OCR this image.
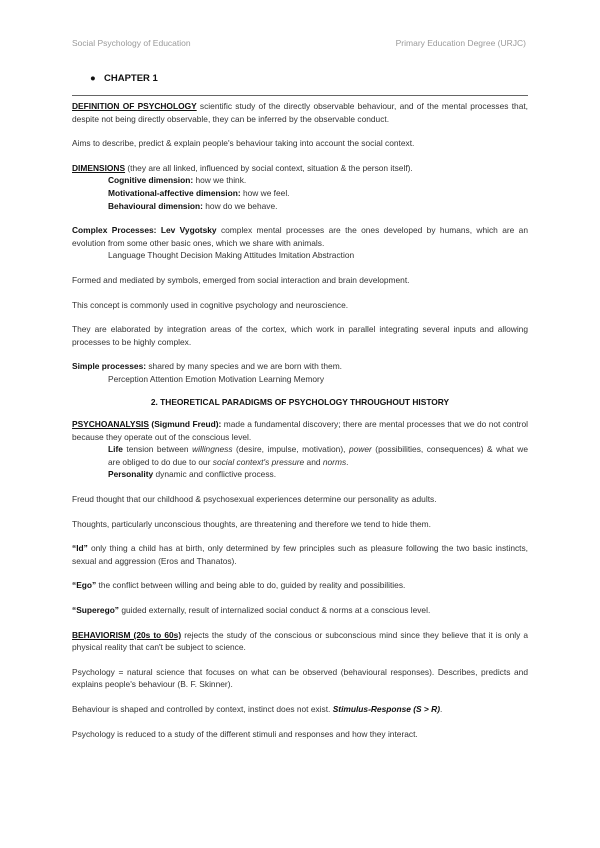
Social Psychology of Education	Primary Education Degree (URJC)
● CHAPTER 1

DEFINITION OF PSYCHOLOGY scientific study of the directly observable behaviour, and of the mental processes that, despite not being directly observable, they can be inferred by the observable conduct.

Aims to describe, predict & explain people's behaviour taking into account the social context.

DIMENSIONS (they are all linked, influenced by social context, situation & the person itself).

Cognitive dimension: how we think.

Motivational-affective dimension: how we feel.

Behavioural dimension: how do we behave.

Complex Processes: Lev Vygotsky complex mental processes are the ones developed by humans, which are an evolution from some other basic ones, which we share with animals.

Language Thought Decision Making Attitudes Imitation Abstraction

Formed and mediated by symbols, emerged from social interaction and brain development.

This concept is commonly used in cognitive psychology and neuroscience.

They are elaborated by integration areas of the cortex, which work in parallel integrating several inputs and allowing processes to be highly complex.

Simple processes: shared by many species and we are born with them.

Perception Attention Emotion Motivation Learning Memory

2. THEORETICAL PARADIGMS OF PSYCHOLOGY THROUGHOUT HISTORY

PSYCHOANALYSIS (Sigmund Freud): made a fundamental discovery; there are mental processes that we do not control because they operate out of the conscious level.

Life tension between willingness (desire, impulse, motivation), power (possibilities, consequences) & what we are obliged to do due to our social context's pressure and norms.

Personality dynamic and conflictive process.

Freud thought that our childhood & psychosexual experiences determine our personality as adults.

Thoughts, particularly unconscious thoughts, are threatening and therefore we tend to hide them.

“Id” only thing a child has at birth, only determined by few principles such as pleasure following the two basic instincts, sexual and aggression (Eros and Thanatos).

“Ego” the conflict between willing and being able to do, guided by reality and possibilities.

“Superego” guided externally, result of internalized social conduct & norms at a conscious level.

BEHAVIORISM (20s to 60s) rejects the study of the conscious or subconscious mind since they believe that it is only a physical reality that can't be subject to science.

Psychology = natural science that focuses on what can be observed (behavioural responses). Describes, predicts and explains people's behaviour (B. F. Skinner).

Behaviour is shaped and controlled by context, instinct does not exist. Stimulus-Response (S > R).

Psychology is reduced to a study of the different stimuli and responses and how they interact.
